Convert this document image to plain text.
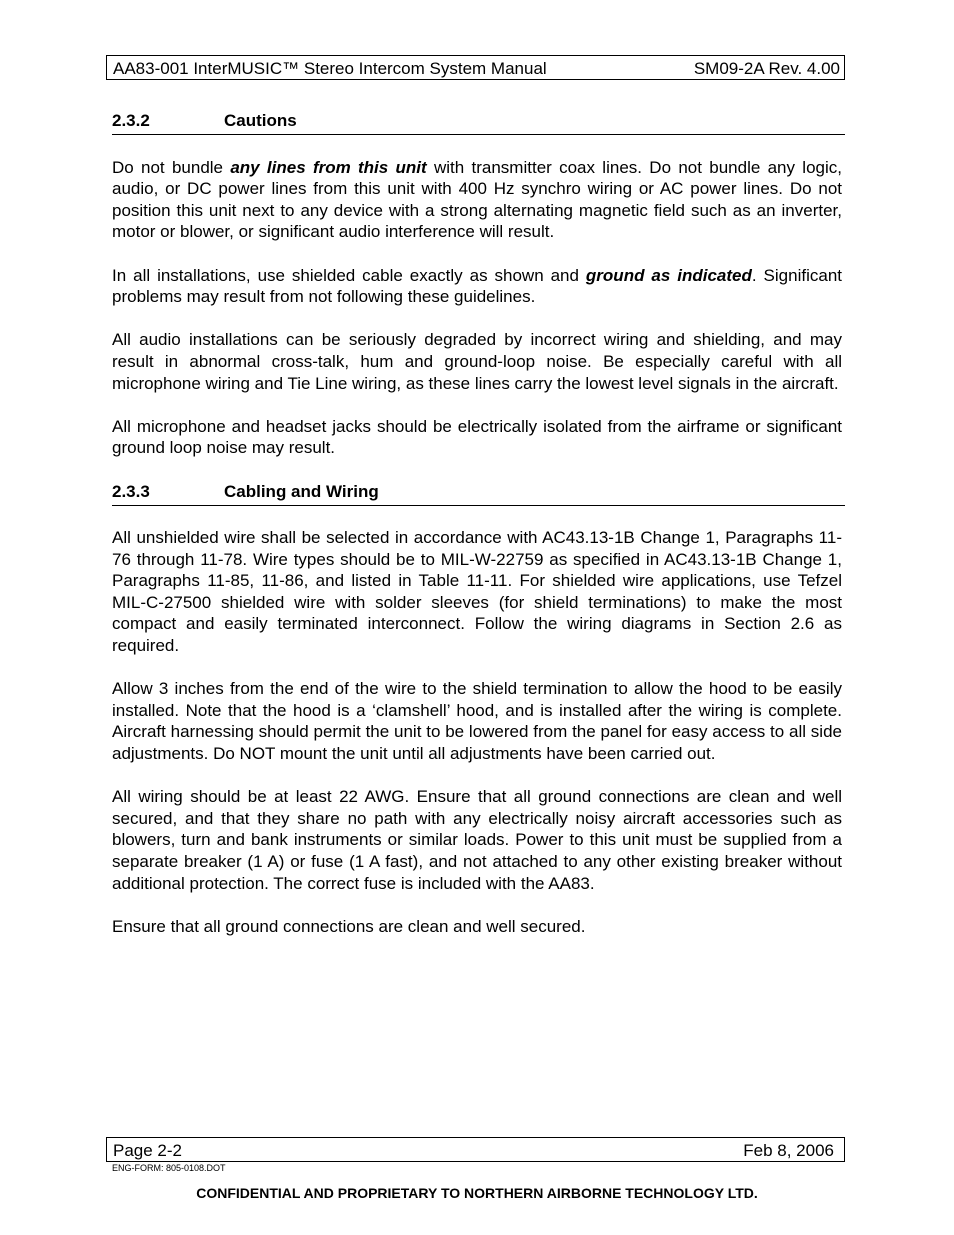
AA83-001 InterMUSIC™ Stereo Intercom System Manual	SM09-2A Rev. 4.00
2.3.2	Cautions

Do not bundle any lines from this unit with transmitter coax lines. Do not bundle any logic, audio, or DC power lines from this unit with 400 Hz synchro wiring or AC power lines. Do not position this unit next to any device with a strong alternating magnetic field such as an inverter, motor or blower, or significant audio interference will result.

In all installations, use shielded cable exactly as shown and ground as indicated. Significant problems may result from not following these guidelines.

All audio installations can be seriously degraded by incorrect wiring and shielding, and may result in abnormal cross-talk, hum and ground-loop noise. Be especially careful with all microphone wiring and Tie Line wiring, as these lines carry the lowest level signals in the aircraft.

All microphone and headset jacks should be electrically isolated from the airframe or significant ground loop noise may result.

2.3.3	Cabling and Wiring

All unshielded wire shall be selected in accordance with AC43.13-1B Change 1, Paragraphs 11-76 through 11-78. Wire types should be to MIL-W-22759 as specified in AC43.13-1B Change 1, Paragraphs 11-85, 11-86, and listed in Table 11-11. For shielded wire applications, use Tefzel MIL-C-27500 shielded wire with solder sleeves (for shield terminations) to make the most compact and easily terminated interconnect. Follow the wiring diagrams in Section 2.6 as required.

Allow 3 inches from the end of the wire to the shield termination to allow the hood to be easily installed. Note that the hood is a ‘clamshell’ hood, and is installed after the wiring is complete. Aircraft harnessing should permit the unit to be lowered from the panel for easy access to all side adjustments. Do NOT mount the unit until all adjustments have been carried out.

All wiring should be at least 22 AWG. Ensure that all ground connections are clean and well secured, and that they share no path with any electrically noisy aircraft accessories such as blowers, turn and bank instruments or similar loads. Power to this unit must be supplied from a separate breaker (1 A) or fuse (1 A fast), and not attached to any other existing breaker without additional protection. The correct fuse is included with the AA83.

Ensure that all ground connections are clean and well secured.

Page 2-2	Feb 8, 2006
ENG-FORM: 805-0108.DOT
CONFIDENTIAL AND PROPRIETARY TO NORTHERN AIRBORNE TECHNOLOGY LTD.
